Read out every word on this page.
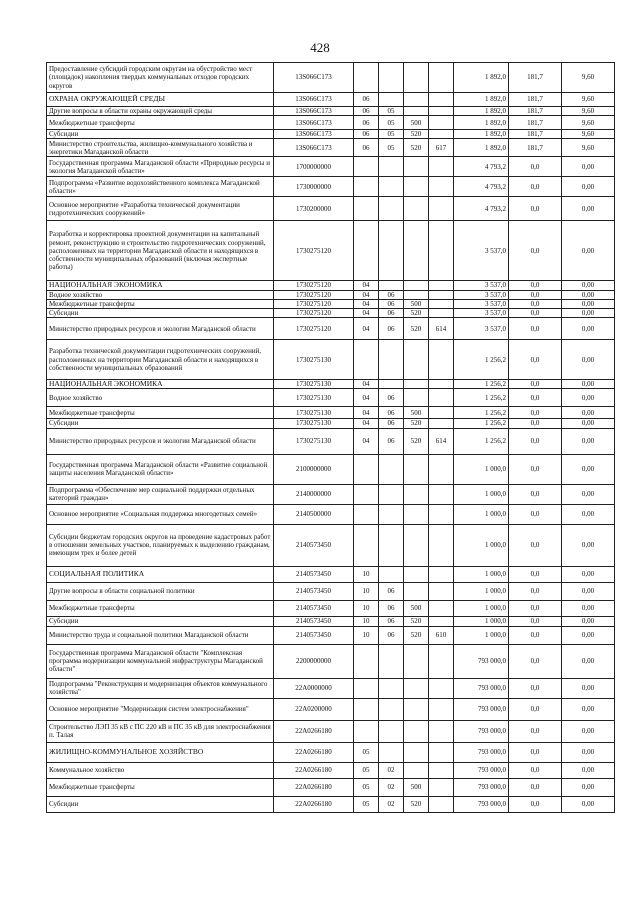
428
Предоставление субсидий городским округам на обустройство мест (площадок) накопления твердых коммунальных отходов городских округов	13S066C173					1 892,0	181,7	9,60
ОХРАНА ОКРУЖАЮЩЕЙ СРЕДЫ	13S066C173	06				1 892,0	181,7	9,60
Другие вопросы в области охраны окружающей среды	13S066C173	06	05			1 892,0	181,7	9,60
Межбюджетные трансферты	13S066C173	06	05	500		1 892,0	181,7	9,60
Субсидии	13S066C173	06	05	520		1 892,0	181,7	9,60
Министерство строительства, жилищно-коммунального хозяйства и энергетики Магаданской области	13S066C173	06	05	520	617	1 892,0	181,7	9,60
Государственная программа Магаданской области «Природные ресурсы и экология Магаданской области»	1700000000					4 793,2	0,0	0,00
Подпрограмма «Развитие водохозяйственного комплекса Магаданской области»	1730000000					4 793,2	0,0	0,00
Основное мероприятие «Разработка технической документации гидротехнических сооружений»	1730200000					4 793,2	0,0	0,00
Разработка и корректировка проектной документации на капитальный ремонт, реконструкцию и строительство гидротехнических сооружений, расположенных на территории Магаданской области и находящихся в собственности муниципальных образований (включая экспертные работы)	1730275120					3 537,0	0,0	0,00
НАЦИОНАЛЬНАЯ ЭКОНОМИКА	1730275120	04				3 537,0	0,0	0,00
Водное хозяйство	1730275120	04	06			3 537,0	0,0	0,00
Межбюджетные трансферты	1730275120	04	06	500		3 537,0	0,0	0,00
Субсидии	1730275120	04	06	520		3 537,0	0,0	0,00
Министерство природных ресурсов и экологии Магаданской области	1730275120	04	06	520	614	3 537,0	0,0	0,00
Разработка технической документации гидротехнических сооружений, расположенных на территории Магаданской области и находящихся в собственности муниципальных образований	1730275130					1 256,2	0,0	0,00
НАЦИОНАЛЬНАЯ ЭКОНОМИКА	1730275130	04				1 256,2	0,0	0,00
Водное хозяйство	1730275130	04	06			1 256,2	0,0	0,00
Межбюджетные трансферты	1730275130	04	06	500		1 256,2	0,0	0,00
Субсидии	1730275130	04	06	520		1 256,2	0,0	0,00
Министерство природных ресурсов и экологии Магаданской области	1730275130	04	06	520	614	1 256,2	0,0	0,00
Государственная программа Магаданской области «Развитие социальной защиты населения Магаданской области»	2100000000					1 000,0	0,0	0,00
Подпрограмма «Обеспечение мер социальной поддержки отдельных категорий граждан»	2140000000					1 000,0	0,0	0,00
Основное мероприятие «Социальная поддержка многодетных семей»	2140500000					1 000,0	0,0	0,00
Субсидии бюджетам городских округов на проведение кадастровых работ в отношении земельных участков, планируемых к выделению гражданам, имеющим трех и более детей	2140573450					1 000,0	0,0	0,00
СОЦИАЛЬНАЯ ПОЛИТИКА	2140573450	10				1 000,0	0,0	0,00
Другие вопросы в области социальной политики	2140573450	10	06			1 000,0	0,0	0,00
Межбюджетные трансферты	2140573450	10	06	500		1 000,0	0,0	0,00
Субсидии	2140573450	10	06	520		1 000,0	0,0	0,00
Министерство труда и социальной политики Магаданской области	2140573450	10	06	520	610	1 000,0	0,0	0,00
Государственная программа Магаданской области "Комплексная программа модернизации коммунальной инфраструктуры Магаданской области"	2200000000					793 000,0	0,0	0,00
Подпрограмма "Реконструкция и модернизация объектов коммунального хозяйства"	22A0000000					793 000,0	0,0	0,00
Основное мероприятие "Модернизация систем электроснабжения"	22A0200000					793 000,0	0,0	0,00
Строительство ЛЭП 35 кВ с ПС 220 кВ и ПС 35 кВ для электроснабжения п. Талая	22A0266180					793 000,0	0,0	0,00
ЖИЛИЩНО-КОММУНАЛЬНОЕ ХОЗЯЙСТВО	22A0266180	05				793 000,0	0,0	0,00
Коммунальное хозяйство	22A0266180	05	02			793 000,0	0,0	0,00
Межбюджетные трансферты	22A0266180	05	02	500		793 000,0	0,0	0,00
Субсидии	22A0266180	05	02	520		793 000,0	0,0	0,00
